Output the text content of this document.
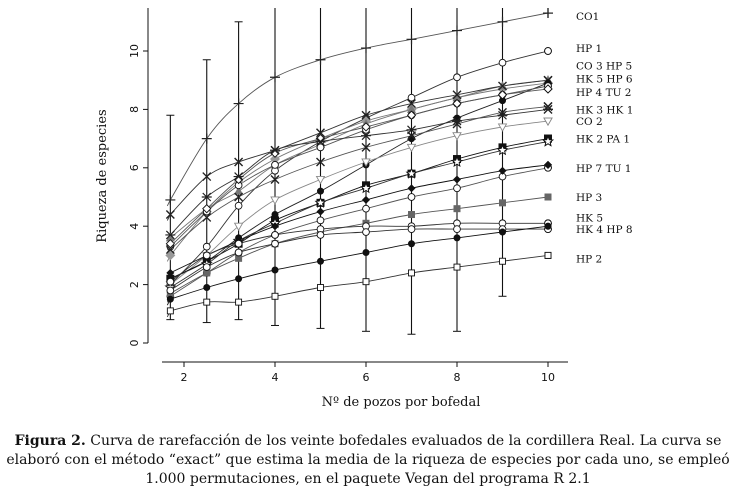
2	4	6	8	10
0
2
4
6
8
10
CO1
HP 1
CO 3 HP 5
HK 5 HP 6
HP 4 TU 2
HK 3 HK 1
CO 2
HK 2 PA 1
HP 7 TU 1
HP 3
HK 5
HK 4 HP 8
HP 2
Riqueza de especies
Nº de pozos por bofedal
Figura 2. Curva de rarefacción de los veinte bofedales evaluados de la cordillera Real. La curva se elaboró con el método “exact” que estima la media de la riqueza de especies por cada uno, se empleó 1.000 permutaciones, en el paquete Vegan del programa R 2.1
